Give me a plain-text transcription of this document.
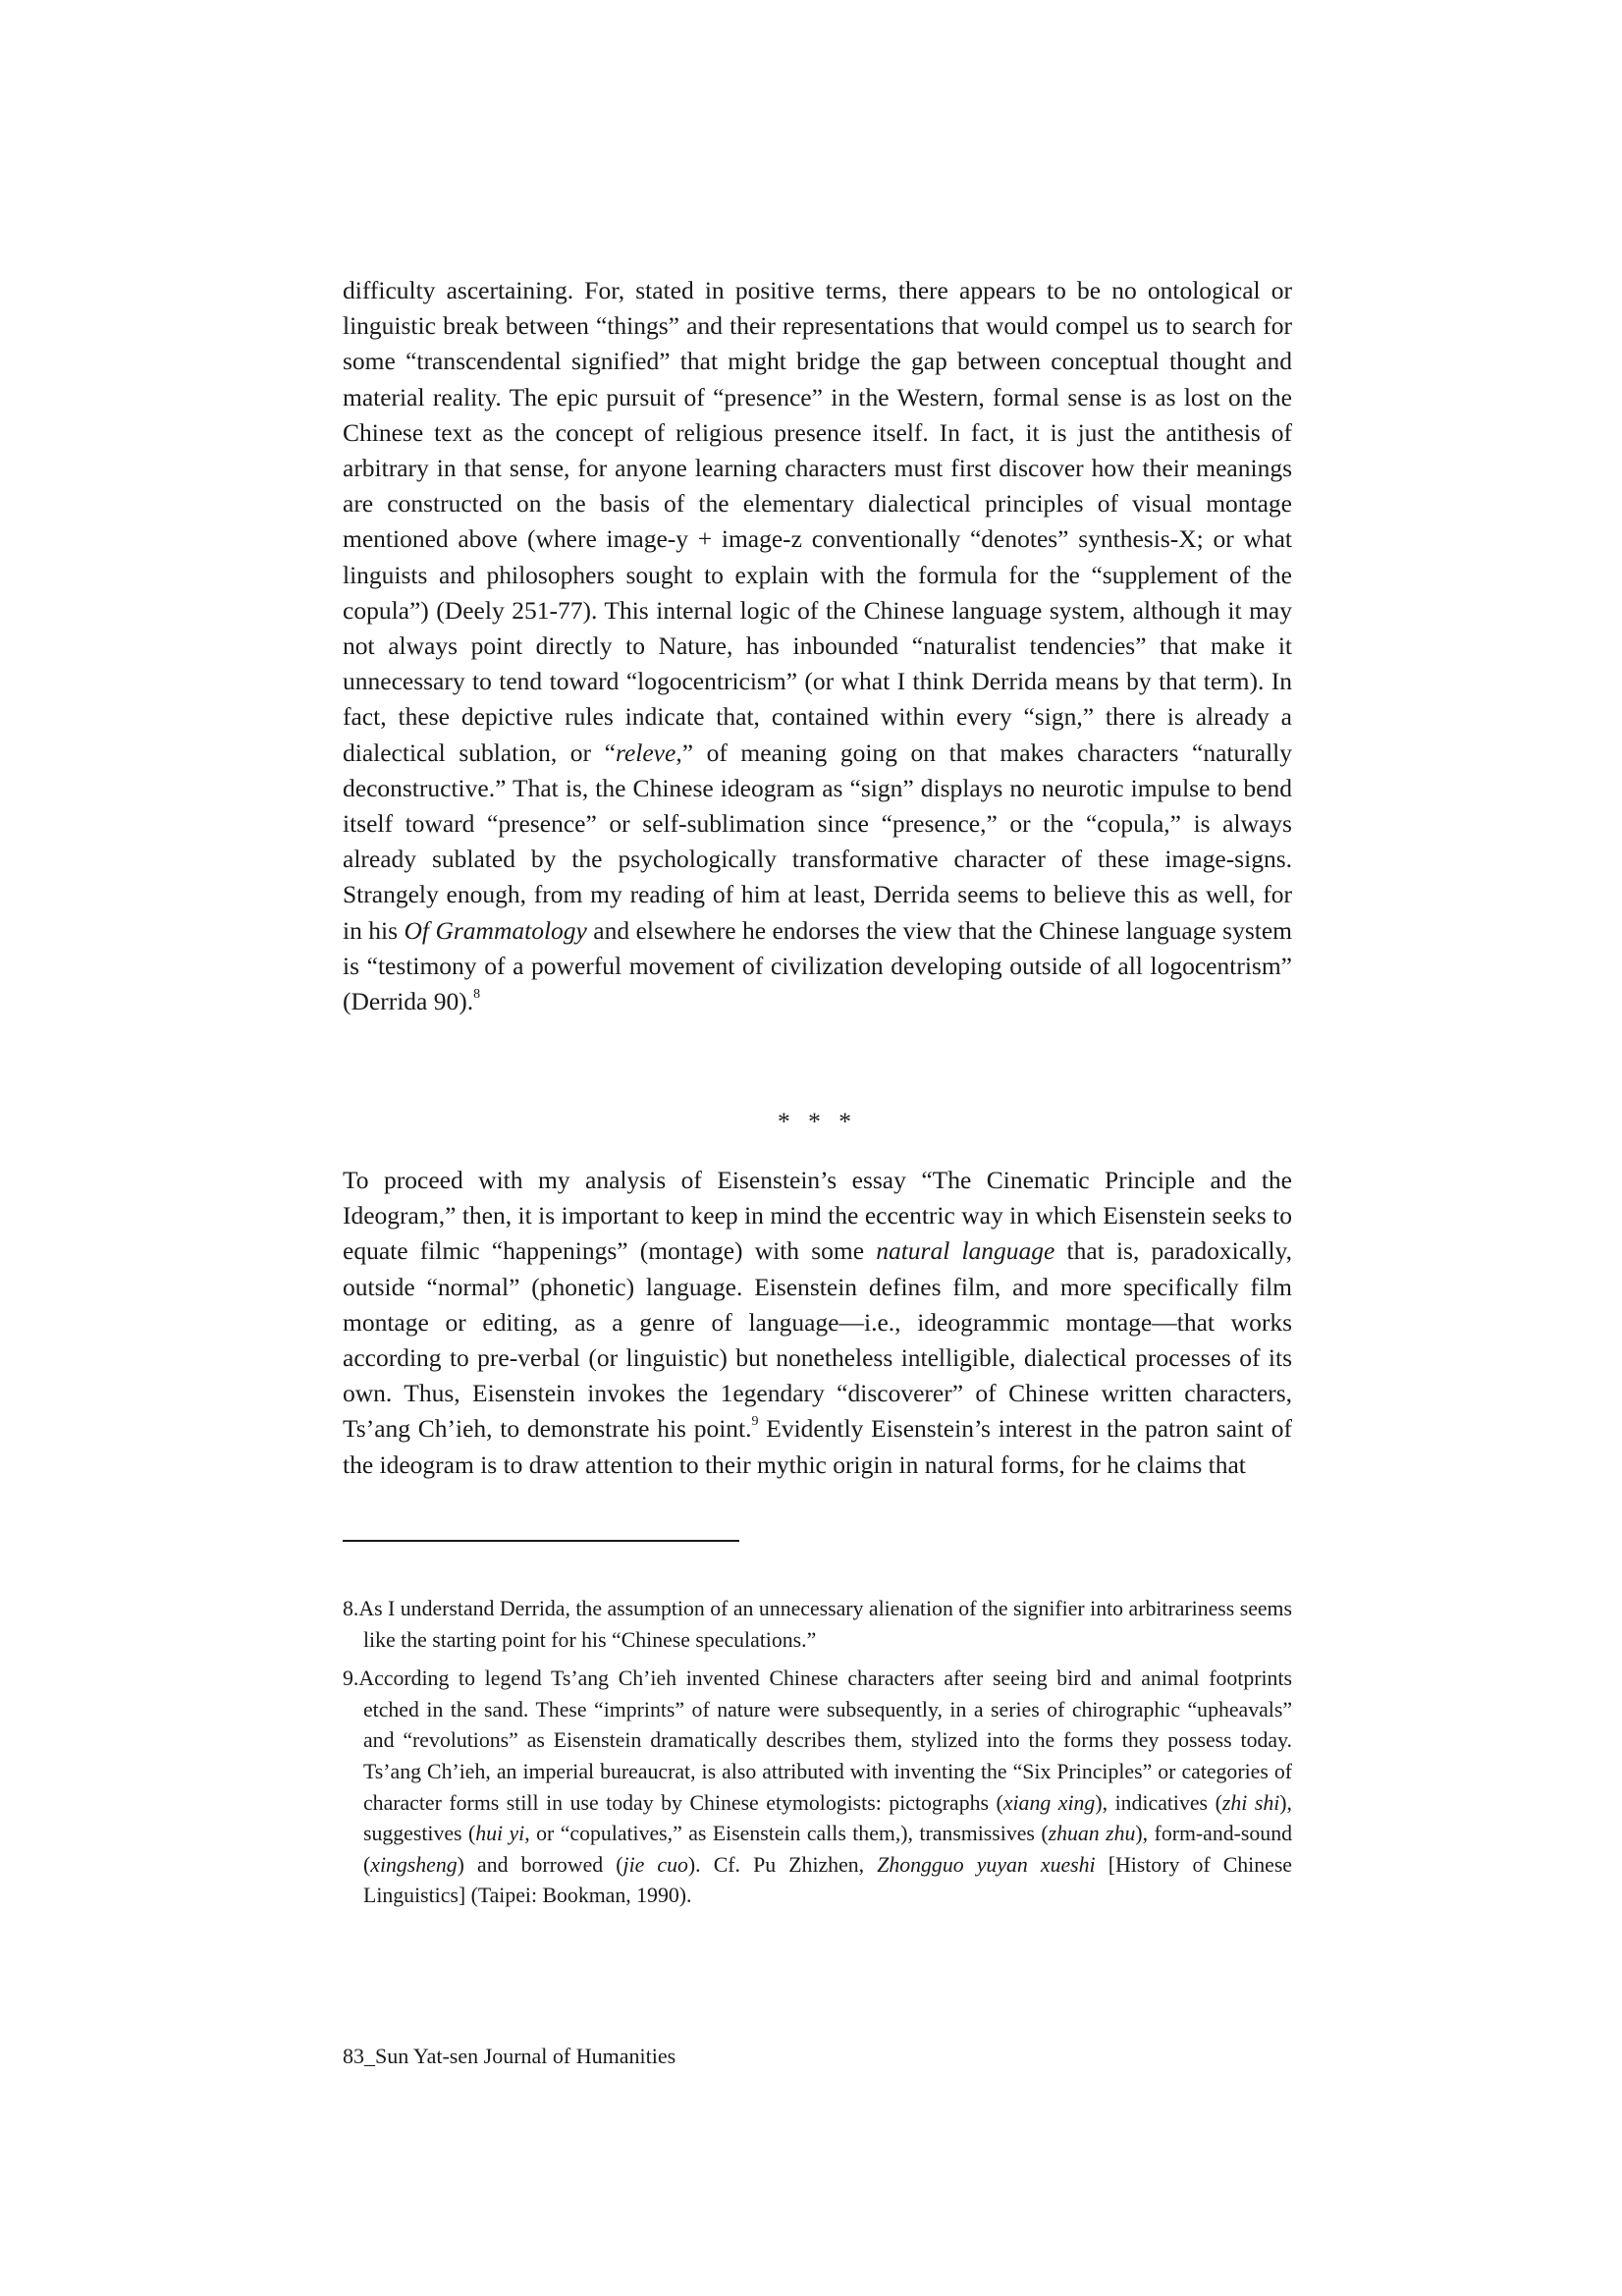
difficulty ascertaining. For, stated in positive terms, there appears to be no ontological or linguistic break between “things” and their representations that would compel us to search for some “transcendental signified” that might bridge the gap between conceptual thought and material reality. The epic pursuit of “presence” in the Western, formal sense is as lost on the Chinese text as the concept of religious presence itself. In fact, it is just the antithesis of arbitrary in that sense, for anyone learning characters must first discover how their meanings are constructed on the basis of the elementary dialectical principles of visual montage mentioned above (where image-y + image-z conventionally “denotes” synthesis-X; or what linguists and philosophers sought to explain with the formula for the “supplement of the copula”) (Deely 251-77). This internal logic of the Chinese language system, although it may not always point directly to Nature, has inbounded “naturalist tendencies” that make it unnecessary to tend toward “logocentricism” (or what I think Derrida means by that term). In fact, these depictive rules indicate that, contained within every “sign,” there is already a dialectical sublation, or “releve,” of meaning going on that makes characters “naturally deconstructive.” That is, the Chinese ideogram as “sign” displays no neurotic impulse to bend itself toward “presence” or self-sublimation since “presence,” or the “copula,” is always already sublated by the psychologically transformative character of these image-signs. Strangely enough, from my reading of him at least, Derrida seems to believe this as well, for in his Of Grammatology and elsewhere he endorses the view that the Chinese language system is “testimony of a powerful movement of civilization developing outside of all logocentrism” (Derrida 90).$^8$

* * *

To proceed with my analysis of Eisenstein’s essay “The Cinematic Principle and the Ideogram,” then, it is important to keep in mind the eccentric way in which Eisenstein seeks to equate filmic “happenings” (montage) with some natural language that is, paradoxically, outside “normal” (phonetic) language. Eisenstein defines film, and more specifically film montage or editing, as a genre of language—i.e., ideogrammic montage—that works according to pre-verbal (or linguistic) but nonetheless intelligible, dialectical processes of its own. Thus, Eisenstein invokes the 1egendary “discoverer” of Chinese written characters, Ts’ang Ch’ieh, to demonstrate his point.$^9$ Evidently Eisenstein’s interest in the patron saint of the ideogram is to draw attention to their mythic origin in natural forms, for he claims that

8.As I understand Derrida, the assumption of an unnecessary alienation of the signifier into arbitrariness seems like the starting point for his “Chinese speculations.”

9.According to legend Ts’ang Ch’ieh invented Chinese characters after seeing bird and animal footprints etched in the sand. These “imprints” of nature were subsequently, in a series of chirographic “upheavals” and “revolutions” as Eisenstein dramatically describes them, stylized into the forms they possess today. Ts’ang Ch’ieh, an imperial bureaucrat, is also attributed with inventing the “Six Principles” or categories of character forms still in use today by Chinese etymologists: pictographs (xiang xing), indicatives (zhi shi), suggestives (hui yi, or “copulatives,” as Eisenstein calls them,), transmissives (zhuan zhu), form-and-sound (xingsheng) and borrowed (jie cuo). Cf. Pu Zhizhen, Zhongguo yuyan xueshi [History of Chinese Linguistics] (Taipei: Bookman, 1990).

83_Sun Yat-sen Journal of Humanities
